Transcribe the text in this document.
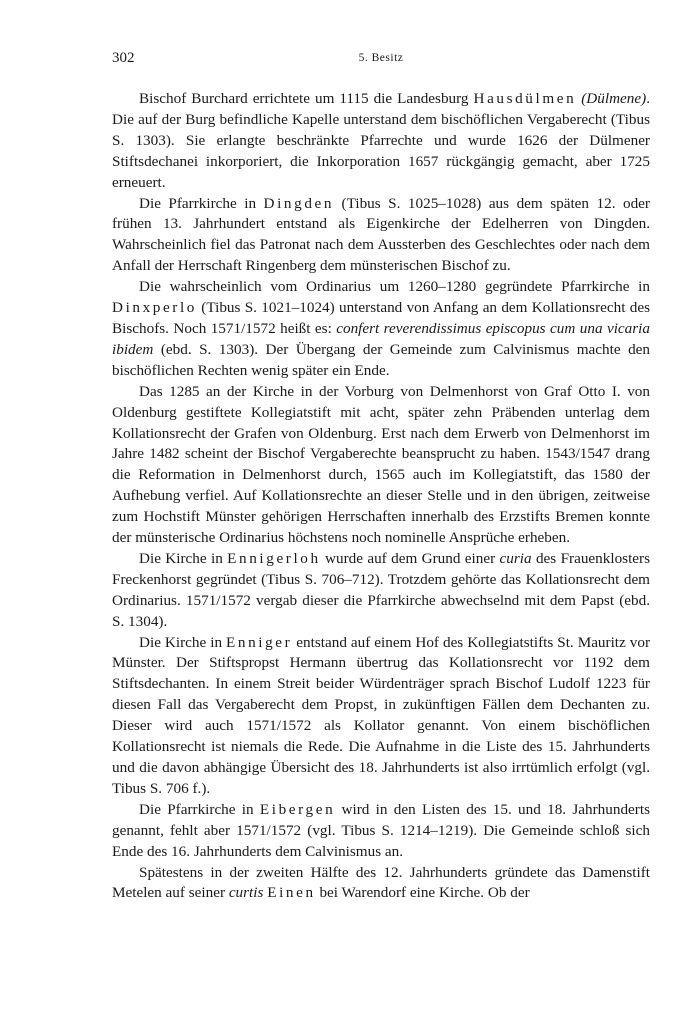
302	5. Besitz

Bischof Burchard errichtete um 1115 die Landesburg Hausdülmen (Dülmene). Die auf der Burg befindliche Kapelle unterstand dem bischöflichen Vergaberecht (Tibus S. 1303). Sie erlangte beschränkte Pfarrechte und wurde 1626 der Dülmener Stiftsdechanei inkorporiert, die Inkorporation 1657 rückgängig gemacht, aber 1725 erneuert.

Die Pfarrkirche in Dingden (Tibus S. 1025–1028) aus dem späten 12. oder frühen 13. Jahrhundert entstand als Eigenkirche der Edelherren von Dingden. Wahrscheinlich fiel das Patronat nach dem Aussterben des Geschlechtes oder nach dem Anfall der Herrschaft Ringenberg dem münsterischen Bischof zu.

Die wahrscheinlich vom Ordinarius um 1260–1280 gegründete Pfarrkirche in Dinxperlo (Tibus S. 1021–1024) unterstand von Anfang an dem Kollationsrecht des Bischofs. Noch 1571/1572 heißt es: confert reverendissimus episcopus cum una vicaria ibidem (ebd. S. 1303). Der Übergang der Gemeinde zum Calvinismus machte den bischöflichen Rechten wenig später ein Ende.

Das 1285 an der Kirche in der Vorburg von Delmenhorst von Graf Otto I. von Oldenburg gestiftete Kollegiatstift mit acht, später zehn Präbenden unterlag dem Kollationsrecht der Grafen von Oldenburg. Erst nach dem Erwerb von Delmenhorst im Jahre 1482 scheint der Bischof Vergaberechte beansprucht zu haben. 1543/1547 drang die Reformation in Delmenhorst durch, 1565 auch im Kollegiatstift, das 1580 der Aufhebung verfiel. Auf Kollationsrechte an dieser Stelle und in den übrigen, zeitweise zum Hochstift Münster gehörigen Herrschaften innerhalb des Erzstifts Bremen konnte der münsterische Ordinarius höchstens noch nominelle Ansprüche erheben.

Die Kirche in Ennigerloh wurde auf dem Grund einer curia des Frauenklosters Freckenhorst gegründet (Tibus S. 706–712). Trotzdem gehörte das Kollationsrecht dem Ordinarius. 1571/1572 vergab dieser die Pfarrkirche abwechselnd mit dem Papst (ebd. S. 1304).

Die Kirche in Enniger entstand auf einem Hof des Kollegiatstifts St. Mauritz vor Münster. Der Stiftspropst Hermann übertrug das Kollationsrecht vor 1192 dem Stiftsdechanten. In einem Streit beider Würdenträger sprach Bischof Ludolf 1223 für diesen Fall das Vergaberecht dem Propst, in zukünftigen Fällen dem Dechanten zu. Dieser wird auch 1571/1572 als Kollator genannt. Von einem bischöflichen Kollationsrecht ist niemals die Rede. Die Aufnahme in die Liste des 15. Jahrhunderts und die davon abhängige Übersicht des 18. Jahrhunderts ist also irrtümlich erfolgt (vgl. Tibus S. 706 f.).

Die Pfarrkirche in Eibergen wird in den Listen des 15. und 18. Jahrhunderts genannt, fehlt aber 1571/1572 (vgl. Tibus S. 1214–1219). Die Gemeinde schloß sich Ende des 16. Jahrhunderts dem Calvinismus an.

Spätestens in der zweiten Hälfte des 12. Jahrhunderts gründete das Damenstift Metelen auf seiner curtis Einen bei Warendorf eine Kirche. Ob der
